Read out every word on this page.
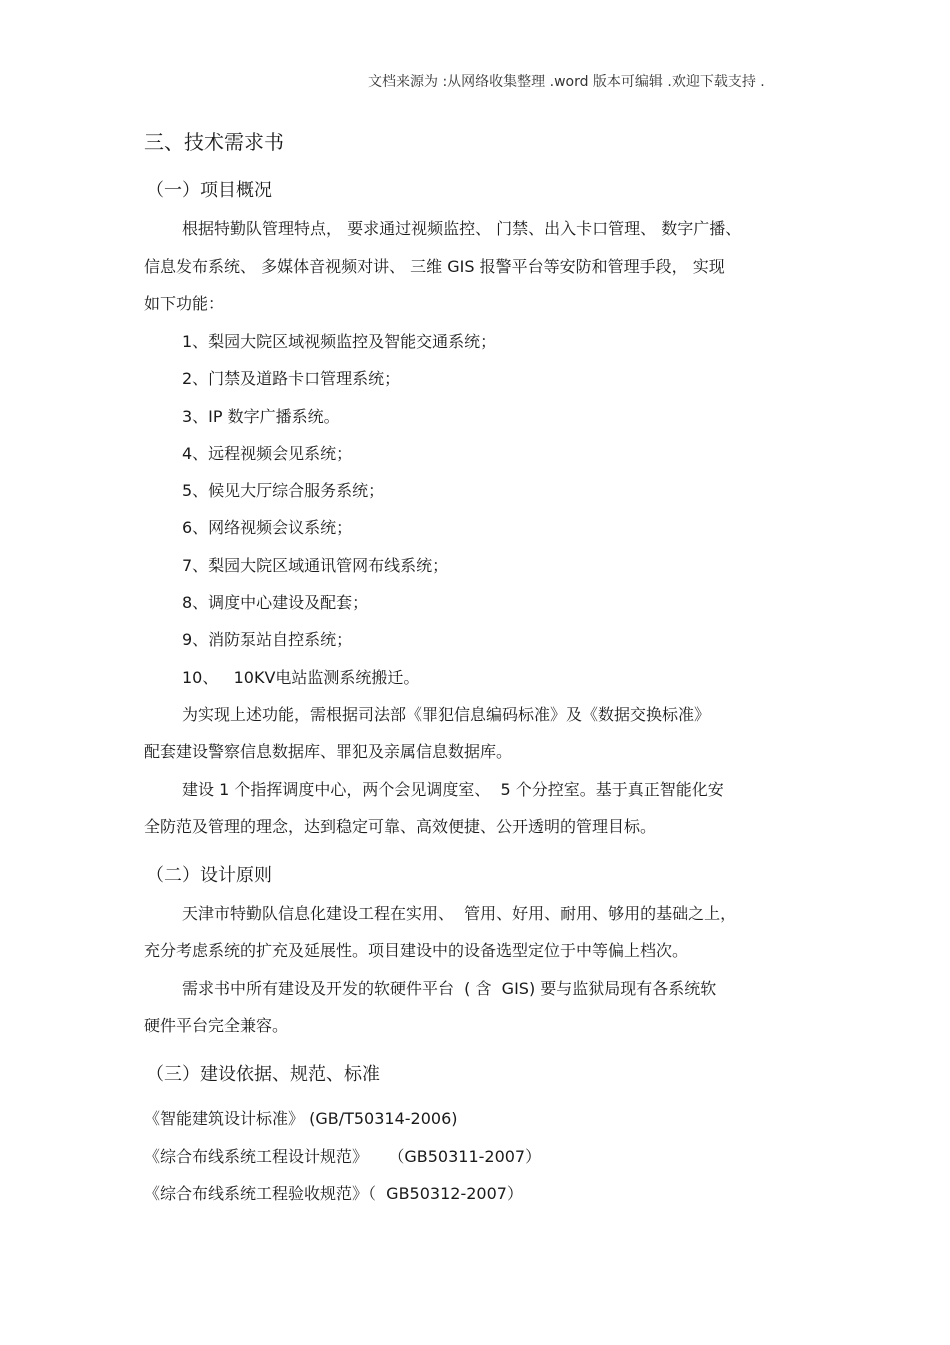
文档来源为 :从网络收集整理 .word 版本可编辑 .欢迎下载支持 .
三、技术需求书
（一）项目概况
根据特勤队管理特点， 要求通过视频监控、 门禁、出入卡口管理、 数字广播、
信息发布系统、 多媒体音视频对讲、 三维 GIS 报警平台等安防和管理手段， 实现
如下功能：
1、梨园大院区域视频监控及智能交通系统；
2、门禁及道路卡口管理系统；
3、IP 数字广播系统。
4、远程视频会见系统；
5、候见大厅综合服务系统；
6、网络视频会议系统；
7、梨园大院区域通讯管网布线系统；
8、调度中心建设及配套；
9、消防泵站自控系统；
10、   10KV电站监测系统搬迁。
为实现上述功能，需根据司法部《罪犯信息编码标准》及《数据交换标准》
配套建设警察信息数据库、罪犯及亲属信息数据库。
建设 1 个指挥调度中心，两个会见调度室、  5 个分控室。基于真正智能化安
全防范及管理的理念，达到稳定可靠、高效便捷、公开透明的管理目标。
（二）设计原则
天津市特勤队信息化建设工程在实用、  管用、好用、耐用、够用的基础之上，
充分考虑系统的扩充及延展性。项目建设中的设备选型定位于中等偏上档次。
需求书中所有建设及开发的软硬件平台  ( 含  GIS) 要与监狱局现有各系统软
硬件平台完全兼容。
（三）建设依据、规范、标准
《智能建筑设计标准》 (GB/T50314-2006)
《综合布线系统工程设计规范》    （GB50311-2007）
《综合布线系统工程验收规范》（  GB50312-2007）
